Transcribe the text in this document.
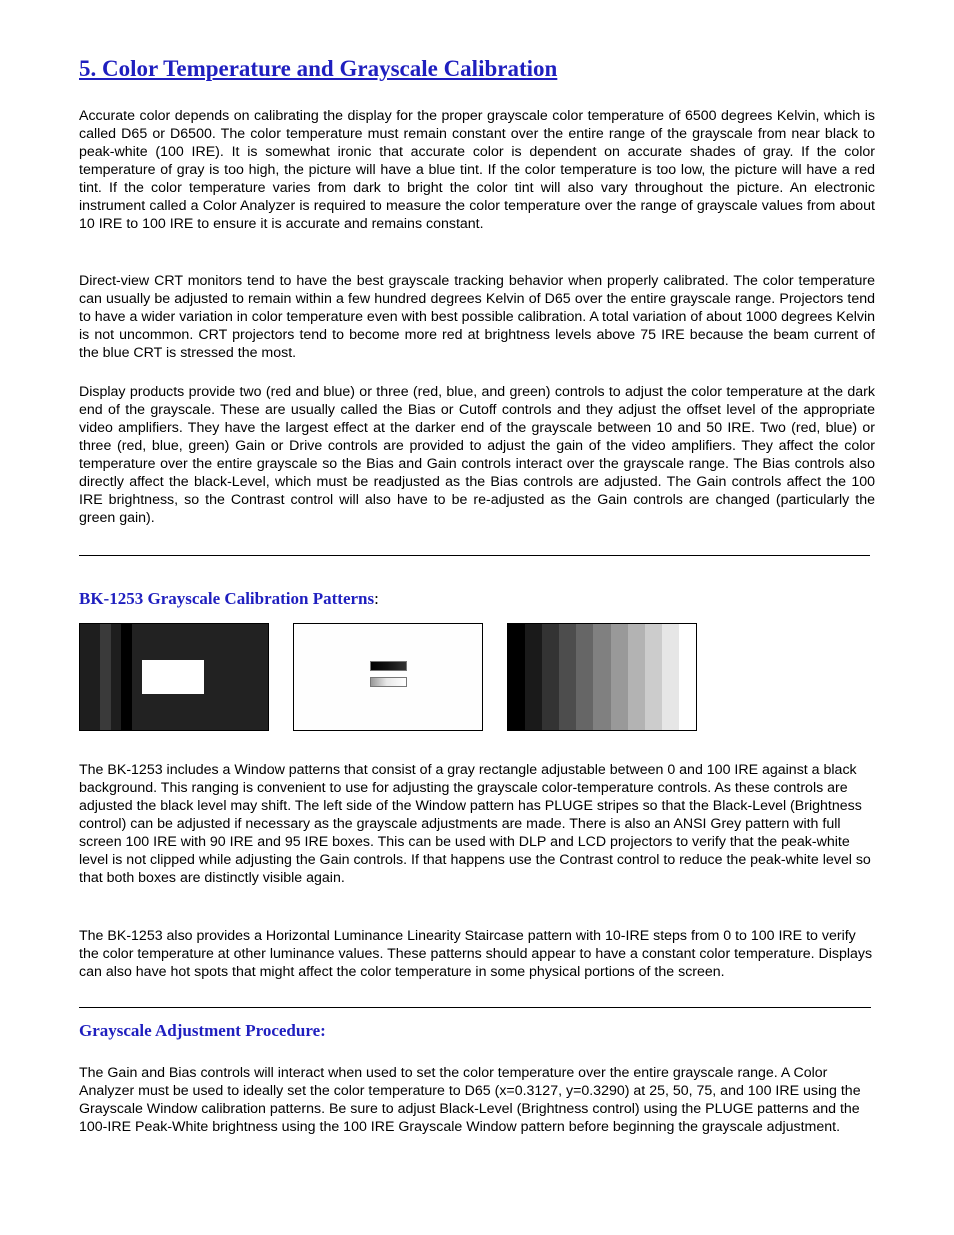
5. Color Temperature and Grayscale Calibration

Accurate color depends on calibrating the display for the proper grayscale color temperature of 6500 degrees Kelvin, which is called D65 or D6500. The color temperature must remain constant over the entire range of the grayscale from near black to peak-white (100 IRE). It is somewhat ironic that accurate color is dependent on accurate shades of gray. If the color temperature of gray is too high, the picture will have a blue tint. If the color temperature is too low, the picture will have a red tint. If the color temperature varies from dark to bright the color tint will also vary throughout the picture. An electronic instrument called a Color Analyzer is required to measure the color temperature over the range of grayscale values from about 10 IRE to 100 IRE to ensure it is accurate and remains constant.

Direct-view CRT monitors tend to have the best grayscale tracking behavior when properly calibrated. The color temperature can usually be adjusted to remain within a few hundred degrees Kelvin of D65 over the entire grayscale range. Projectors tend to have a wider variation in color temperature even with best possible calibration. A total variation of about 1000 degrees Kelvin is not uncommon. CRT projectors tend to become more red at brightness levels above 75 IRE because the beam current of the blue CRT is stressed the most.

Display products provide two (red and blue) or three (red, blue, and green) controls to adjust the color temperature at the dark end of the grayscale. These are usually called the Bias or Cutoff controls and they adjust the offset level of the appropriate video amplifiers. They have the largest effect at the darker end of the grayscale between 10 and 50 IRE. Two (red, blue) or three (red, blue, green) Gain or Drive controls are provided to adjust the gain of the video amplifiers. They affect the color temperature over the entire grayscale so the Bias and Gain controls interact over the grayscale range. The Bias controls also directly affect the black-Level, which must be readjusted as the Bias controls are adjusted. The Gain controls affect the 100 IRE brightness, so the Contrast control will also have to be re-adjusted as the Gain controls are changed (particularly the green gain).

BK-1253 Grayscale Calibration Patterns:

The BK-1253 includes a Window patterns that consist of a gray rectangle adjustable between 0 and 100 IRE against a black background. This ranging is convenient to use for adjusting the grayscale color-temperature controls. As these controls are adjusted the black level may shift. The left side of the Window pattern has PLUGE stripes so that the Black-Level (Brightness control) can be adjusted if necessary as the grayscale adjustments are made. There is also an ANSI Grey pattern with full screen 100 IRE with 90 IRE and 95 IRE boxes. This can be used with DLP and LCD projectors to verify that the peak-white level is not clipped while adjusting the Gain controls. If that happens use the Contrast control to reduce the peak-white level so that both boxes are distinctly visible again.

The BK-1253 also provides a Horizontal Luminance Linearity Staircase pattern with 10-IRE steps from 0 to 100 IRE to verify the color temperature at other luminance values. These patterns should appear to have a constant color temperature. Displays can also have hot spots that might affect the color temperature in some physical portions of the screen.

Grayscale Adjustment Procedure:

The Gain and Bias controls will interact when used to set the color temperature over the entire grayscale range. A Color Analyzer must be used to ideally set the color temperature to D65 (x=0.3127, y=0.3290) at 25, 50, 75, and 100 IRE using the Grayscale Window calibration patterns. Be sure to adjust Black-Level (Brightness control) using the PLUGE patterns and the 100-IRE Peak-White brightness using the 100 IRE Grayscale Window pattern before beginning the grayscale adjustment.
